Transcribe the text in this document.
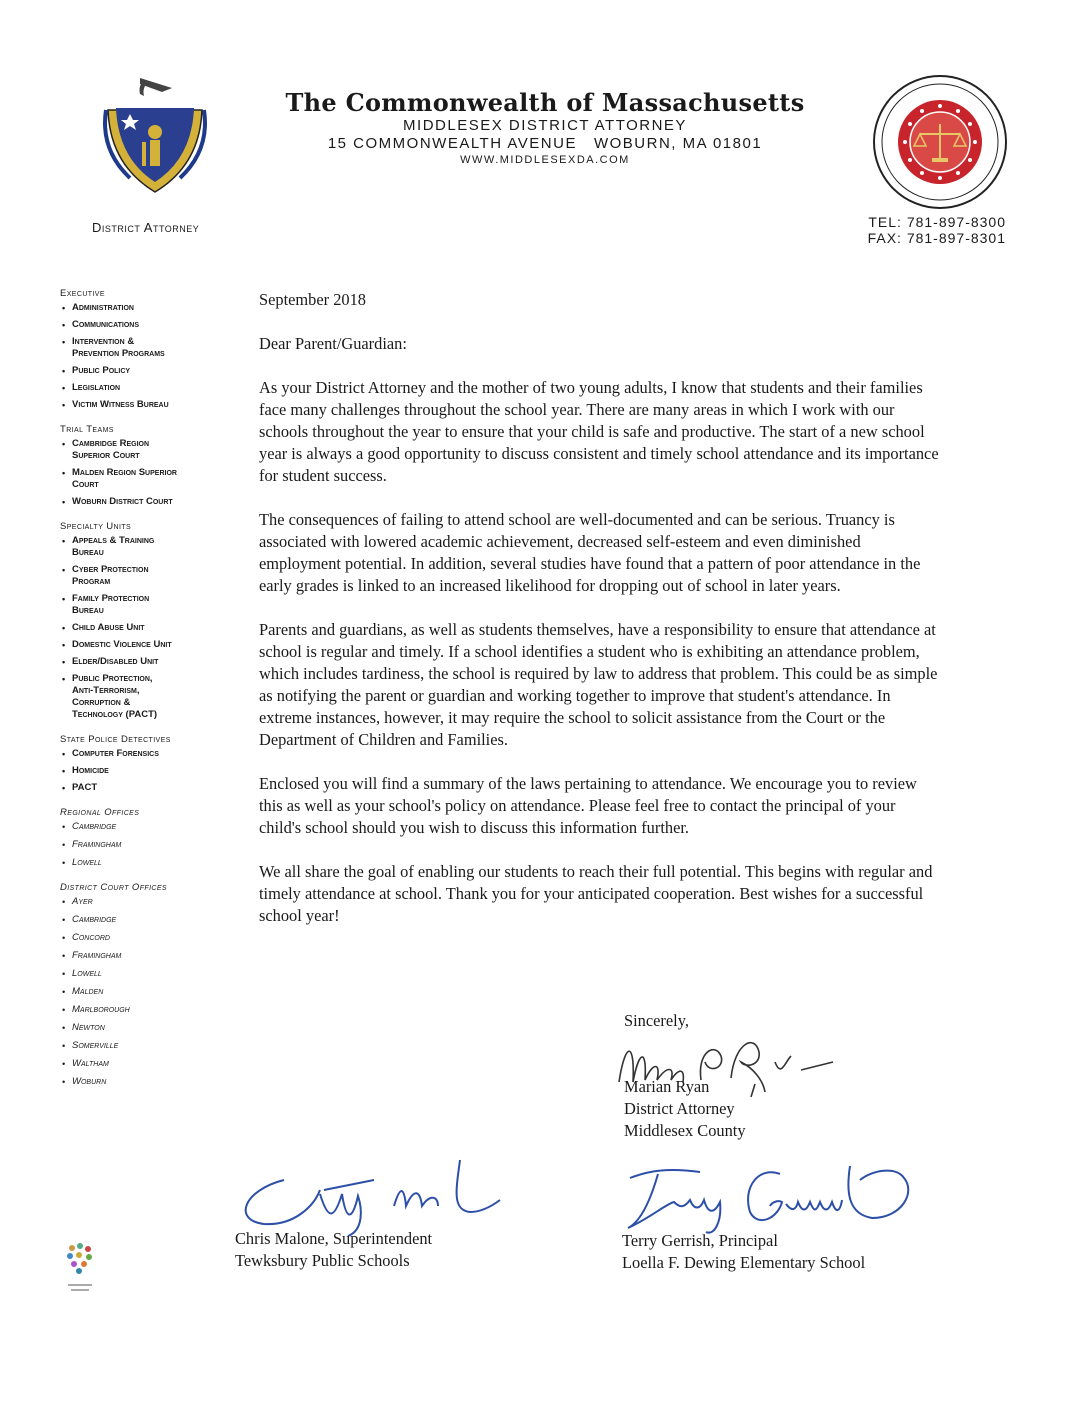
District Attorney
The Commonwealth of Massachusetts
MIDDLESEX DISTRICT ATTORNEY
15 COMMONWEALTH AVENUE   WOBURN, MA 01801
WWW.MIDDLESEXDA.COM
TEL: 781-897-8300
FAX: 781-897-8301
Executive
• Administration
• Communications
• Intervention &
Prevention Programs
• Public Policy
• Legislation
• Victim Witness Bureau
Trial Teams
• Cambridge Region
Superior Court
• Malden Region Superior
Court
• Woburn District Court
Specialty Units
• Appeals & Training
Bureau
• Cyber Protection
Program
• Family Protection
Bureau
• Child Abuse Unit
• Domestic Violence Unit
• Elder/Disabled Unit
• Public Protection,
Anti-Terrorism,
Corruption &
Technology (PACT)
State Police Detectives
• Computer Forensics
• Homicide
• PACT
Regional Offices
• Cambridge
• Framingham
• Lowell
District Court Offices
• Ayer
• Cambridge
• Concord
• Framingham
• Lowell
• Malden
• Marlborough
• Newton
• Somerville
• Waltham
• Woburn

September 2018

Dear Parent/Guardian:

As your District Attorney and the mother of two young adults, I know that students and their families face many challenges throughout the school year. There are many areas in which I work with our schools throughout the year to ensure that your child is safe and productive. The start of a new school year is always a good opportunity to discuss consistent and timely school attendance and its importance for student success.

The consequences of failing to attend school are well-documented and can be serious. Truancy is associated with lowered academic achievement, decreased self-esteem and even diminished employment potential. In addition, several studies have found that a pattern of poor attendance in the early grades is linked to an increased likelihood for dropping out of school in later years.

Parents and guardians, as well as students themselves, have a responsibility to ensure that attendance at school is regular and timely. If a school identifies a student who is exhibiting an attendance problem, which includes tardiness, the school is required by law to address that problem. This could be as simple as notifying the parent or guardian and working together to improve that student's attendance. In extreme instances, however, it may require the school to solicit assistance from the Court or the Department of Children and Families.

Enclosed you will find a summary of the laws pertaining to attendance. We encourage you to review this as well as your school's policy on attendance. Please feel free to contact the principal of your child's school should you wish to discuss this information further.

We all share the goal of enabling our students to reach their full potential. This begins with regular and timely attendance at school. Thank you for your anticipated cooperation. Best wishes for a successful school year!

Sincerely,
Marian Ryan
District Attorney
Middlesex County
Chris Malone, Superintendent
Tewksbury Public Schools
Terry Gerrish, Principal
Loella F. Dewing Elementary School
